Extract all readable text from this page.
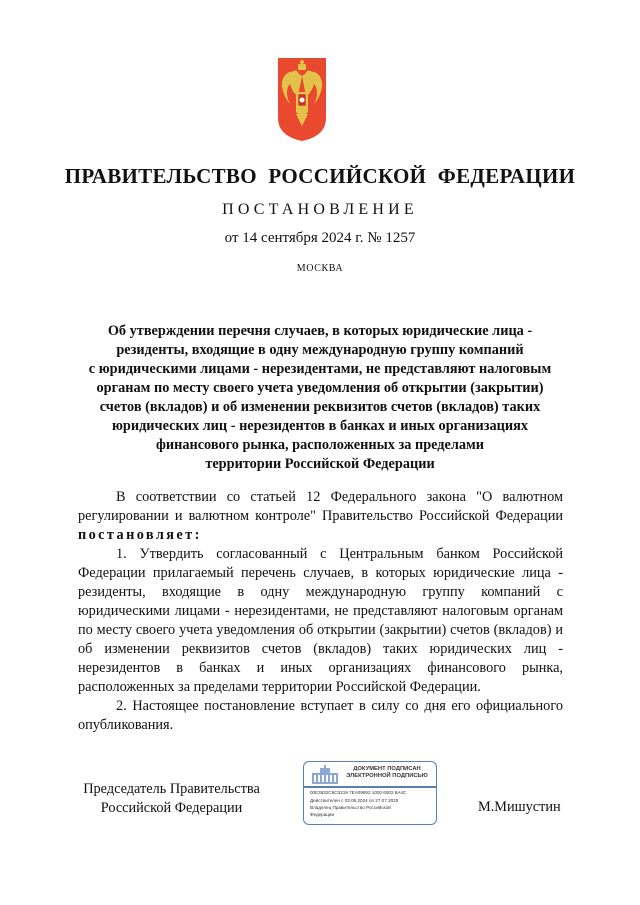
ПРАВИТЕЛЬСТВО РОССИЙСКОЙ ФЕДЕРАЦИИ
ПОСТАНОВЛЕНИЕ
от 14 сентября 2024 г. № 1257
МОСКВА
Об утверждении перечня случаев, в которых юридические лица -
резиденты, входящие в одну международную группу компаний
с юридическими лицами - нерезидентами, не представляют налоговым
органам по месту своего учета уведомления об открытии (закрытии)
счетов (вкладов) и об изменении реквизитов счетов (вкладов) таких
юридических лиц - нерезидентов в банках и иных организациях
финансового рынка, расположенных за пределами
территории Российской Федерации

В соответствии со статьей 12 Федерального закона "О валютном регулировании и валютном контроле" Правительство Российской Федерации постановляет:

1. Утвердить согласованный с Центральным банком Российской Федерации прилагаемый перечень случаев, в которых юридические лица - резиденты, входящие в одну международную группу компаний с юридическими лицами - нерезидентами, не представляют налоговым органам по месту своего учета уведомления об открытии (закрытии) счетов (вкладов) и об изменении реквизитов счетов (вкладов) таких юридических лиц - нерезидентов в банках и иных организациях финансового рынка, расположенных за пределами территории Российской Федерации.

2. Настоящее постановление вступает в силу со дня его официального опубликования.

Председатель Правительства
Российской Федерации
ДОКУМЕНТ ПОДПИСАН
ЭЛЕКТРОННОЙ ПОДПИСЬЮ
00E3632C6C0219 7EA09892 1000 6002 8A4C
Действителен с 03.05.2024 по 27.07.2025
Владелец Правительство Российской
Федерации	М.Мишустин
